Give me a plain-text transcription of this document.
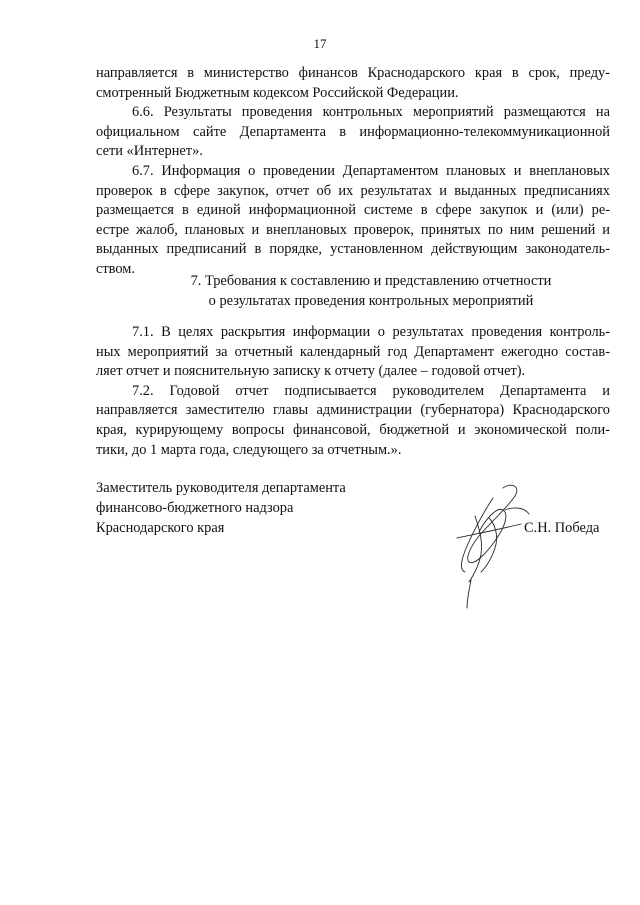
17
направляется в министерство финансов Краснодарского края в срок, преду-
смотренный Бюджетным кодексом Российской Федерации.
6.6. Результаты проведения контрольных мероприятий размещаются на
официальном сайте Департамента в информационно-телекоммуникационной
сети «Интернет».
6.7. Информация о проведении Департаментом плановых и внеплановых
проверок в сфере закупок, отчет об их результатах и выданных предписаниях
размещается в единой информационной системе в сфере закупок и (или) ре-
естре жалоб, плановых и внеплановых проверок, принятых по ним решений и
выданных предписаний в порядке, установленном действующим законодатель-
ством.
7. Требования к составлению и представлению отчетности
о результатах проведения контрольных мероприятий
7.1. В целях раскрытия информации о результатах проведения контроль-
ных мероприятий за отчетный календарный год Департамент ежегодно состав-
ляет отчет и пояснительную записку к отчету (далее – годовой отчет).
7.2. Годовой отчет подписывается руководителем Департамента и
направляется заместителю главы администрации (губернатора) Краснодарского
края, курирующему вопросы финансовой, бюджетной и экономической поли-
тики, до 1 марта года, следующего за отчетным.».
Заместитель руководителя департамента
финансово-бюджетного надзора
Краснодарского края	С.Н. Победа
